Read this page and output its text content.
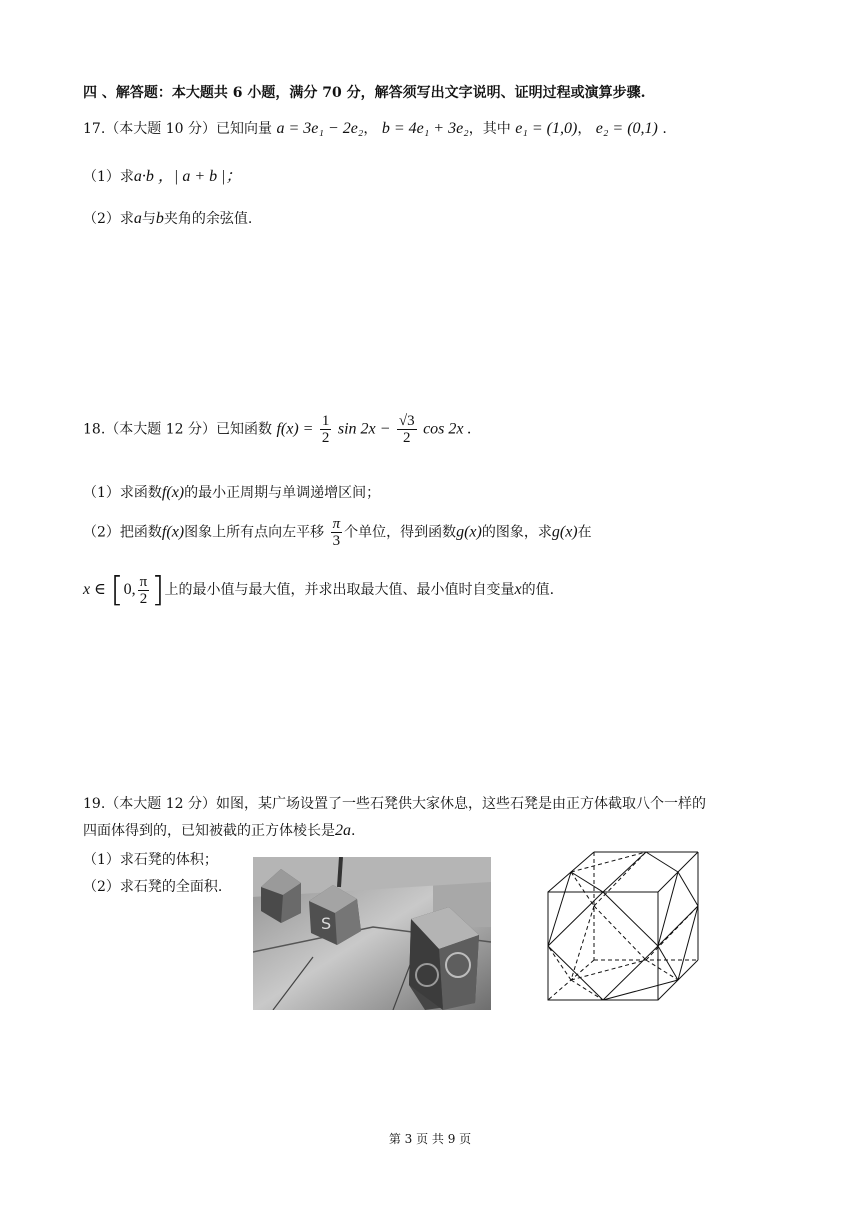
四 、解答题：本大题共 6 小题，满分 70 分，解答须写出文字说明、证明过程或演算步骤.
17.（本大题 10 分）已知向量 a = 3e₁ − 2e₂， b = 4e₁ + 3e₂，其中 e₁ = (1,0)， e₂ = (0,1) .
（1）求a·b ，| a + b |；
（2）求a与b夹角的余弦值.
18.（本大题 12 分）已知函数 $f(x) = \frac{1}{2}$ $\sin 2x - \frac{√3}{2}$ cos 2x .
（1）求函数f(x)的最小正周期与单调递增区间；
（2）把函数f(x)图象上所有点向左平移 $\frac{\pi}{3}$ 个单位，得到函数g(x)的图象，求g(x)在
x ∈ [0, $\frac{\pi}{2}$ ]上的最小值与最大值，并求出取最大值、最小值时自变量x的值.
19.（本大题 12 分）如图，某广场设置了一些石凳供大家休息，这些石凳是由正方体截取八个一样的
四面体得到的，已知被截的正方体棱长是2a.
（1）求石凳的体积；
（2）求石凳的全面积.
S
第 3 页 共 9 页
